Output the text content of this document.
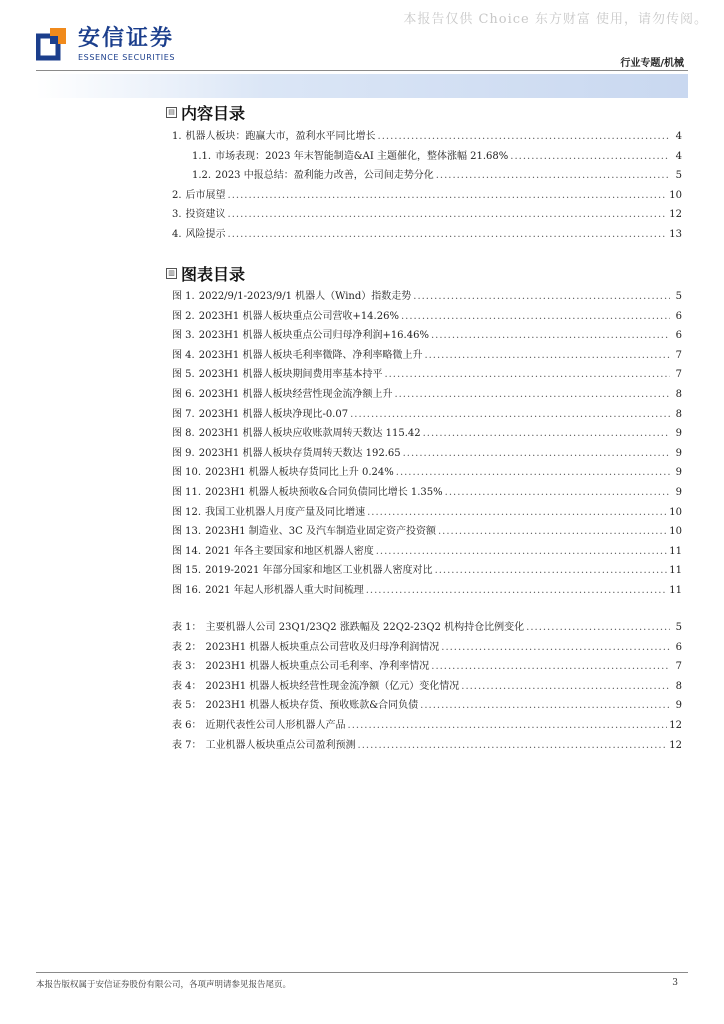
本报告仅供 Choice 东方财富 使用，请勿传阅。
安信证券
ESSENCE SECURITIES
行业专题/机械
▤ 内容目录
1. 机器人板块：跑赢大市，盈利水平同比增长 .....	4
1.1. 市场表现：2023 年末智能制造&AI 主题催化，整体涨幅 21.68% .....	4
1.2. 2023 中报总结：盈利能力改善，公司间走势分化 .....	5
2. 后市展望 .....	10
3. 投资建议 .....	12
4. 风险提示 .....	13
▥ 图表目录
图 1. 2022/9/1-2023/9/1 机器人（Wind）指数走势 .....	5
图 2. 2023H1 机器人板块重点公司营收+14.26% .....	6
图 3. 2023H1 机器人板块重点公司归母净利润+16.46% .....	6
图 4. 2023H1 机器人板块毛利率微降、净利率略微上升 .....	7
图 5. 2023H1 机器人板块期间费用率基本持平 .....	7
图 6. 2023H1 机器人板块经营性现金流净额上升 .....	8
图 7. 2023H1 机器人板块净现比-0.07 .....	8
图 8. 2023H1 机器人板块应收账款周转天数达 115.42 .....	9
图 9. 2023H1 机器人板块存货周转天数达 192.65 .....	9
图 10. 2023H1 机器人板块存货同比上升 0.24% .....	9
图 11. 2023H1 机器人板块预收&合同负债同比增长 1.35% .....	9
图 12. 我国工业机器人月度产量及同比增速 .....	10
图 13. 2023H1 制造业、3C 及汽车制造业固定资产投资额 .....	10
图 14. 2021 年各主要国家和地区机器人密度 .....	11
图 15. 2019-2021 年部分国家和地区工业机器人密度对比 .....	11
图 16. 2021 年起人形机器人重大时间梳理 .....	11
表 1： 主要机器人公司 23Q1/23Q2 涨跌幅及 22Q2-23Q2 机构持仓比例变化 .....	5
表 2： 2023H1 机器人板块重点公司营收及归母净利润情况 .....	6
表 3： 2023H1 机器人板块重点公司毛利率、净利率情况 .....	7
表 4： 2023H1 机器人板块经营性现金流净额（亿元）变化情况 .....	8
表 5： 2023H1 机器人板块存货、预收账款&合同负债 .....	9
表 6： 近期代表性公司人形机器人产品 .....	12
表 7： 工业机器人板块重点公司盈利预测 .....	12
本报告版权属于安信证券股份有限公司，各项声明请参见报告尾页。	3
